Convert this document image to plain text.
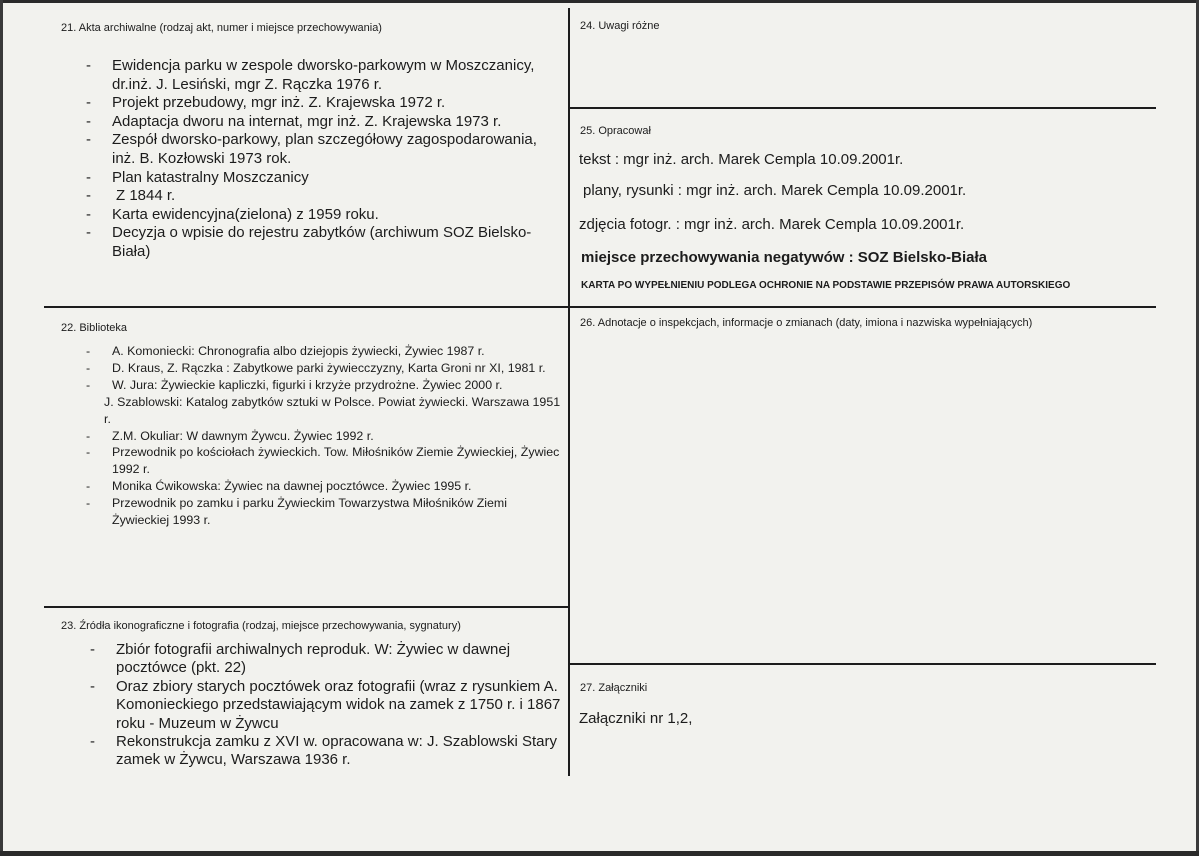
21. Akta archiwalne (rodzaj akt, numer i miejsce przechowywania)
- Ewidencja parku w zespole dworsko-parkowym w Moszczanicy, dr.inż. J. Lesiński, mgr Z. Rączka 1976 r.
- Projekt przebudowy, mgr inż. Z. Krajewska 1972 r.
- Adaptacja dworu na internat, mgr inż. Z. Krajewska 1973 r.
- Zespół dworsko-parkowy, plan szczegółowy zagospodarowania, inż. B. Kozłowski 1973 rok.
- Plan katastralny Moszczanicy
- Z 1844 r.
- Karta ewidencyjna(zielona) z 1959 roku.
- Decyzja o wpisie do rejestru zabytków (archiwum SOZ Bielsko-Biała)
22. Biblioteka
- A. Komoniecki: Chronografia albo dziejopis żywiecki, Żywiec 1987 r.
- D. Kraus, Z. Rączka : Zabytkowe parki żywiecczyzny, Karta Groni nr XI, 1981 r.
- W. Jura: Żywieckie kapliczki, figurki i krzyże przydrożne. Żywiec 2000 r.
J. Szablowski: Katalog zabytków sztuki w Polsce. Powiat żywiecki. Warszawa 1951 r.
- Z.M. Okuliar: W dawnym Żywcu. Żywiec 1992 r.
- Przewodnik po kościołach żywieckich. Tow. Miłośników Ziemie Żywieckiej, Żywiec 1992 r.
- Monika Ćwikowska: Żywiec na dawnej pocztówce. Żywiec 1995 r.
- Przewodnik po zamku i parku Żywieckim Towarzystwa Miłośników Ziemi Żywieckiej 1993 r.
23. Źródła ikonograficzne i fotografia (rodzaj, miejsce przechowywania, sygnatury)
- Zbiór fotografii archiwalnych reproduk. W: Żywiec w dawnej pocztówce (pkt. 22)
- Oraz zbiory starych pocztówek oraz fotografii (wraz z rysunkiem A. Komonieckiego przedstawiającym widok na zamek z 1750 r. i 1867 roku - Muzeum w Żywcu
- Rekonstrukcja zamku z XVI w. opracowana w: J. Szablowski Stary zamek w Żywcu, Warszawa 1936 r.
24. Uwagi różne
25. Opracował
tekst : mgr inż. arch. Marek Cempla 10.09.2001r.
plany, rysunki : mgr inż. arch. Marek Cempla 10.09.2001r.
zdjęcia fotogr. : mgr inż. arch. Marek Cempla 10.09.2001r.
miejsce przechowywania negatywów : SOZ Bielsko-Biała
KARTA PO WYPEŁNIENIU PODLEGA OCHRONIE NA PODSTAWIE PRZEPISÓW PRAWA AUTORSKIEGO
26. Adnotacje o inspekcjach, informacje o zmianach (daty, imiona i nazwiska wypełniających)
27. Załączniki
Załączniki nr 1,2,
